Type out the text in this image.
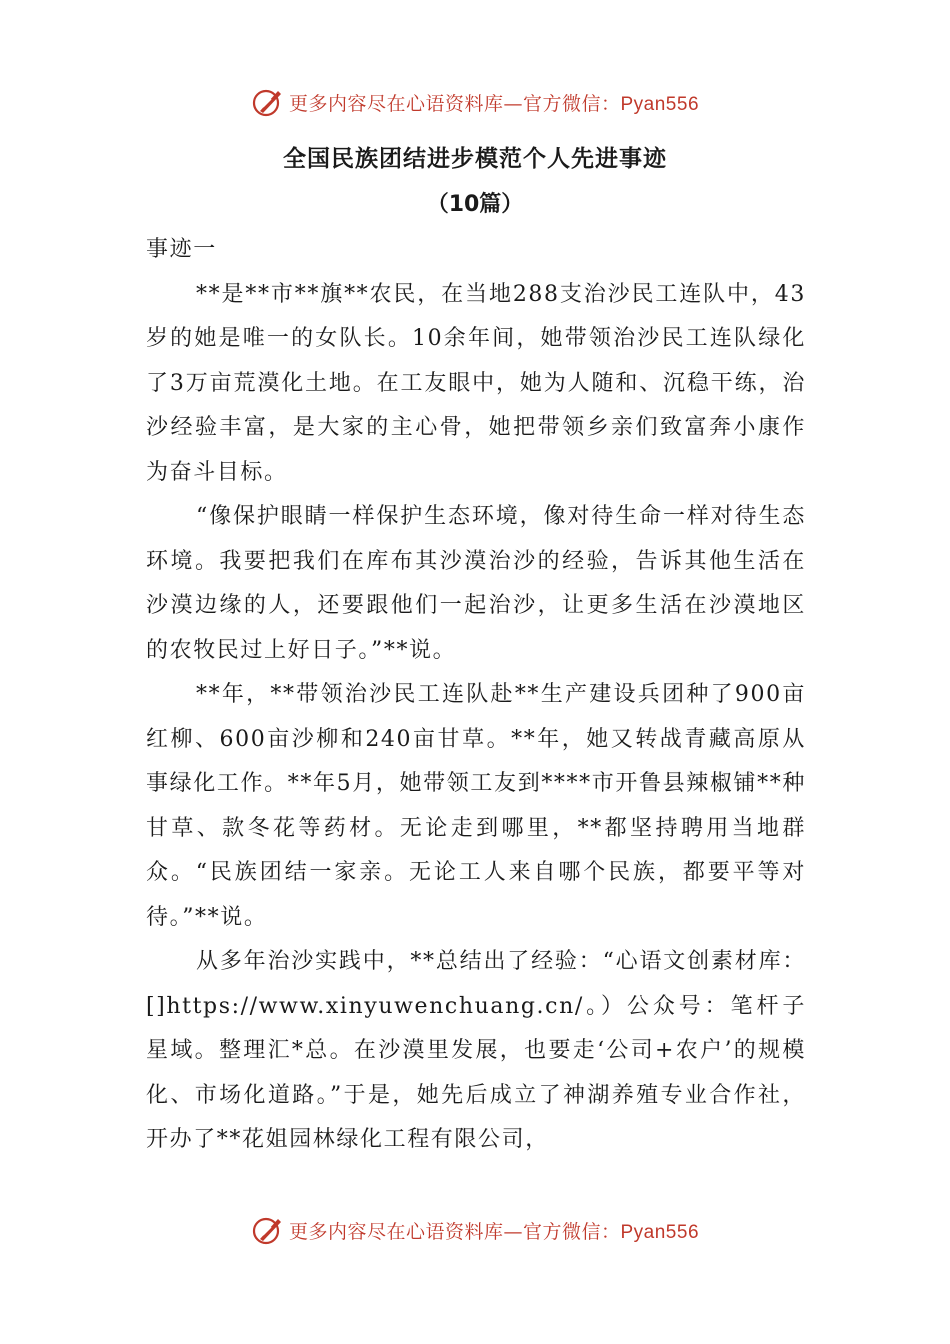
更多内容尽在心语资料库—官方微信：Pyan556
全国民族团结进步模范个人先进事迹
（10篇）

事迹一

**是**市**旗**农民，在当地288支治沙民工连队中，43岁的她是唯一的女队长。10余年间，她带领治沙民工连队绿化了3万亩荒漠化土地。在工友眼中，她为人随和、沉稳干练，治沙经验丰富，是大家的主心骨，她把带领乡亲们致富奔小康作为奋斗目标。

“像保护眼睛一样保护生态环境，像对待生命一样对待生态环境。我要把我们在库布其沙漠治沙的经验，告诉其他生活在沙漠边缘的人，还要跟他们一起治沙，让更多生活在沙漠地区的农牧民过上好日子。”**说。

**年，**带领治沙民工连队赴**生产建设兵团种了900亩红柳、600亩沙柳和240亩甘草。**年，她又转战青藏高原从事绿化工作。**年5月，她带领工友到****市开鲁县辣椒铺**种甘草、款冬花等药材。无论走到哪里，**都坚持聘用当地群众。“民族团结一家亲。无论工人来自哪个民族，都要平等对待。”**说。

从多年治沙实践中，**总结出了经验：“心语文创素材库：[]https://www.xinyuwenchuang.cn/。）公众号：笔杆子星域。整理汇*总。在沙漠里发展，也要走‘公司+农户’的规模化、市场化道路。”于是，她先后成立了神湖养殖专业合作社，开办了**花姐园林绿化工程有限公司，

更多内容尽在心语资料库—官方微信：Pyan556
